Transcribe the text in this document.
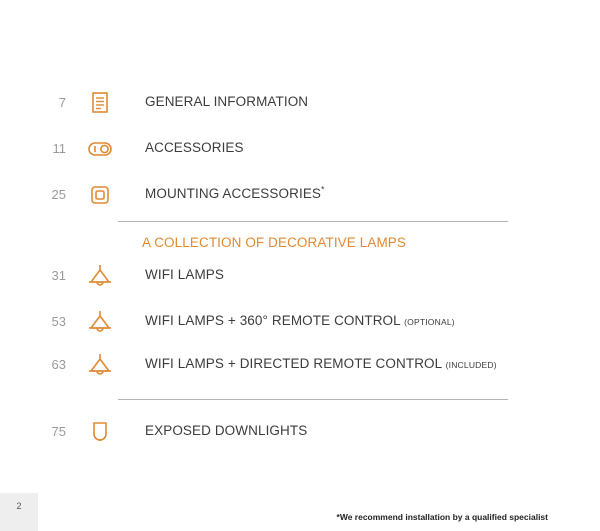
7	GENERAL INFORMATION
11	ACCESSORIES
25	MOUNTING ACCESSORIES*
A COLLECTION OF DECORATIVE LAMPS
31	WIFI LAMPS
53	WIFI LAMPS + 360° REMOTE CONTROL (OPTIONAL)
63	WIFI LAMPS + DIRECTED REMOTE CONTROL (INCLUDED)
75	EXPOSED DOWNLIGHTS
2
*We recommend installation by a qualified specialist
